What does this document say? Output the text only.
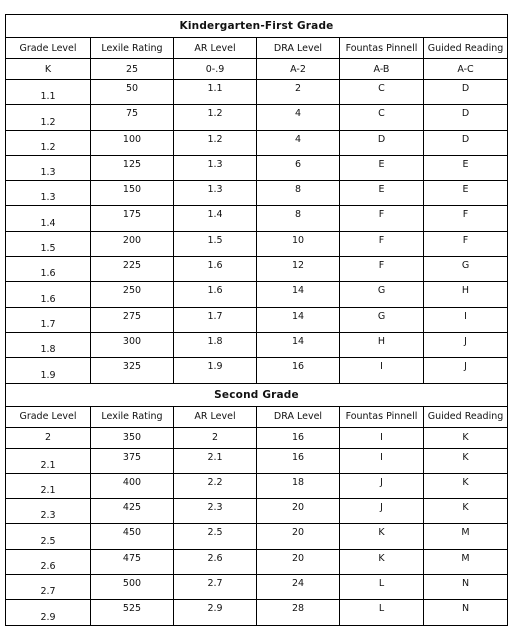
Kindergarten-First Grade					
Grade Level	Lexile Rating	AR Level	DRA Level	Fountas Pinnell	Guided Reading
K	25	0-.9	A-2	A-B	A-C
1.1	50	1.1	2	C	D
1.2	75	1.2	4	C	D
1.2	100	1.2	4	D	D
1.3	125	1.3	6	E	E
1.3	150	1.3	8	E	E
1.4	175	1.4	8	F	F
1.5	200	1.5	10	F	F
1.6	225	1.6	12	F	G
1.6	250	1.6	14	G	H
1.7	275	1.7	14	G	I
1.8	300	1.8	14	H	J
1.9	325	1.9	16	I	J
Second Grade					
Grade Level	Lexile Rating	AR Level	DRA Level	Fountas Pinnell	Guided Reading
2	350	2	16	I	K
2.1	375	2.1	16	I	K
2.1	400	2.2	18	J	K
2.3	425	2.3	20	J	K
2.5	450	2.5	20	K	M
2.6	475	2.6	20	K	M
2.7	500	2.7	24	L	N
2.9	525	2.9	28	L	N
